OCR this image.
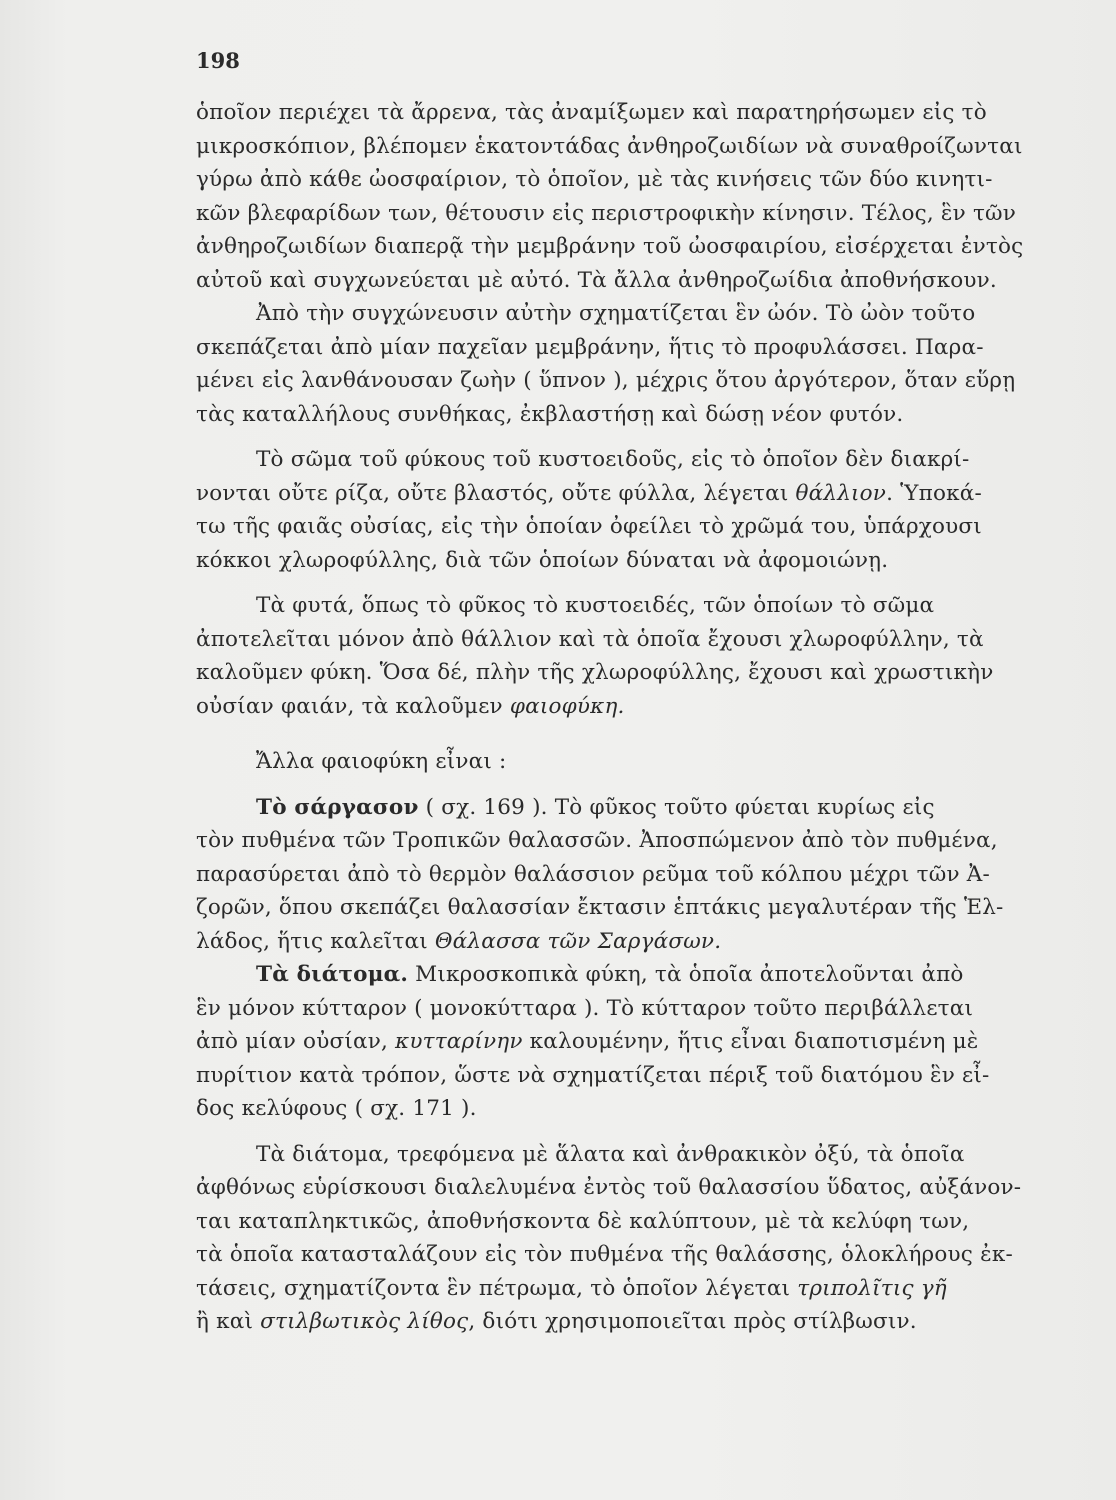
198

ὁποῖον περιέχει τὰ ἄρρενα, τὰς ἀναμίξωμεν καὶ παρατηρήσωμεν εἰς τὸ
μικροσκόπιον, βλέπομεν ἑκατοντάδας ἀνθηροζωιδίων νὰ συναθροίζωνται
γύρω ἀπὸ κάθε ὠοσφαίριον, τὸ ὁποῖον, μὲ τὰς κινήσεις τῶν δύο κινητι-
κῶν βλεφαρίδων των, θέτουσιν εἰς περιστροφικὴν κίνησιν. Τέλος, ἓν τῶν
ἀνθηροζωιδίων διαπερᾷ τὴν μεμβράνην τοῦ ὠοσφαιρίου, εἰσέρχεται ἐντὸς
αὐτοῦ καὶ συγχωνεύεται μὲ αὐτό. Τὰ ἄλλα ἀνθηροζωίδια ἀποθνήσκουν.

Ἀπὸ τὴν συγχώνευσιν αὐτὴν σχηματίζεται ἓν ὠόν. Τὸ ὠὸν τοῦτο
σκεπάζεται ἀπὸ μίαν παχεῖαν μεμβράνην, ἥτις τὸ προφυλάσσει. Παρα-
μένει εἰς λανθάνουσαν ζωὴν ( ὕπνον ), μέχρις ὅτου ἀργότερον, ὅταν εὕρῃ
τὰς καταλλήλους συνθήκας, ἐκβλαστήσῃ καὶ δώσῃ νέον φυτόν.

Τὸ σῶμα τοῦ φύκους τοῦ κυστοειδοῦς, εἰς τὸ ὁποῖον δὲν διακρί-
νονται οὔτε ρίζα, οὔτε βλαστός, οὔτε φύλλα, λέγεται θάλλιον. Ὑποκά-
τω τῆς φαιᾶς οὐσίας, εἰς τὴν ὁποίαν ὀφείλει τὸ χρῶμά του, ὑπάρχουσι
κόκκοι χλωροφύλλης, διὰ τῶν ὁποίων δύναται νὰ ἀφομοιώνῃ.

Τὰ φυτά, ὅπως τὸ φῦκος τὸ κυστοειδές, τῶν ὁποίων τὸ σῶμα
ἀποτελεῖται μόνον ἀπὸ θάλλιον καὶ τὰ ὁποῖα ἔχουσι χλωροφύλλην, τὰ
καλοῦμεν φύκη. Ὅσα δέ, πλὴν τῆς χλωροφύλλης, ἔχουσι καὶ χρωστικὴν
οὐσίαν φαιάν, τὰ καλοῦμεν φαιοφύκη.

Ἄλλα φαιοφύκη εἶναι :

Τὸ σάργασον ( σχ. 169 ). Τὸ φῦκος τοῦτο φύεται κυρίως εἰς
τὸν πυθμένα τῶν Τροπικῶν θαλασσῶν. Ἀποσπώμενον ἀπὸ τὸν πυθμένα,
παρασύρεται ἀπὸ τὸ θερμὸν θαλάσσιον ρεῦμα τοῦ κόλπου μέχρι τῶν Ἀ-
ζορῶν, ὅπου σκεπάζει θαλασσίαν ἔκτασιν ἑπτάκις μεγαλυτέραν τῆς Ἑλ-
λάδος, ἥτις καλεῖται Θάλασσα τῶν Σαργάσων.

Τὰ διάτομα. Μικροσκοπικὰ φύκη, τὰ ὁποῖα ἀποτελοῦνται ἀπὸ
ἓν μόνον κύτταρον ( μονοκύτταρα ). Τὸ κύτταρον τοῦτο περιβάλλεται
ἀπὸ μίαν οὐσίαν, κυτταρίνην καλουμένην, ἥτις εἶναι διαποτισμένη μὲ
πυρίτιον κατὰ τρόπον, ὥστε νὰ σχηματίζεται πέριξ τοῦ διατόμου ἓν εἶ-
δος κελύφους ( σχ. 171 ).

Τὰ διάτομα, τρεφόμενα μὲ ἅλατα καὶ ἀνθρακικὸν ὀξύ, τὰ ὁποῖα
ἀφθόνως εὑρίσκουσι διαλελυμένα ἐντὸς τοῦ θαλασσίου ὕδατος, αὐξάνον-
ται καταπληκτικῶς, ἀποθνήσκοντα δὲ καλύπτουν, μὲ τὰ κελύφη των,
τὰ ὁποῖα κατασταλάζουν εἰς τὸν πυθμένα τῆς θαλάσσης, ὁλοκλήρους ἐκ-
τάσεις, σχηματίζοντα ἓν πέτρωμα, τὸ ὁποῖον λέγεται τριπολῖτις γῆ
ἢ καὶ στιλβωτικὸς λίθος, διότι χρησιμοποιεῖται πρὸς στίλβωσιν.
